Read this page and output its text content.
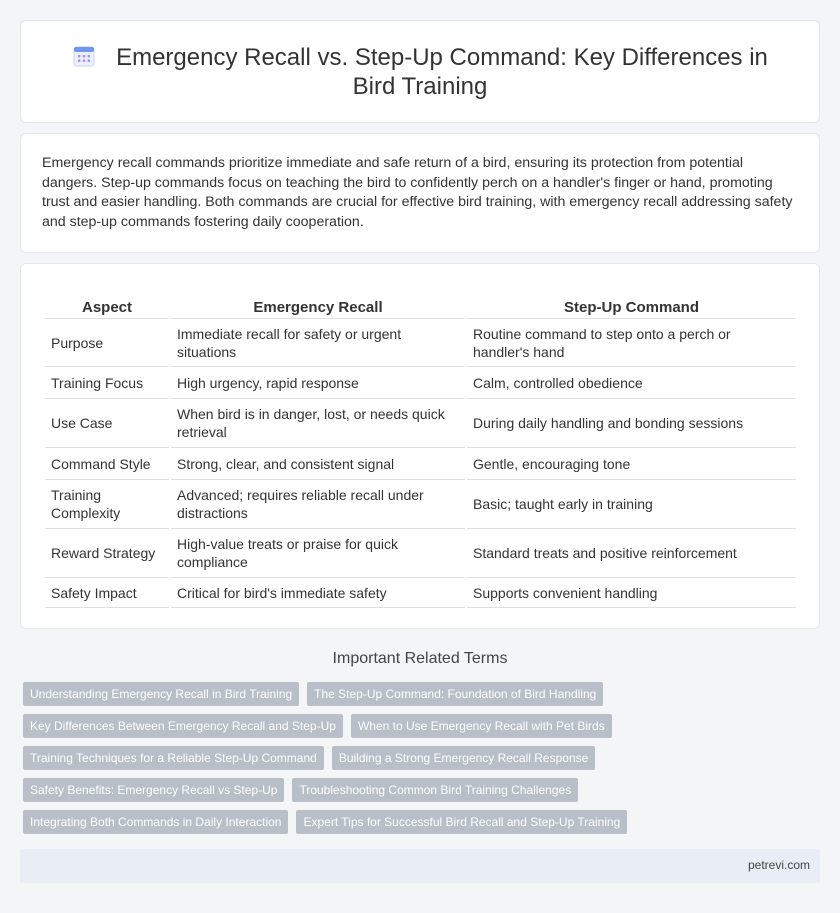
Emergency Recall vs. Step-Up Command: Key Differences in Bird Training

Emergency recall commands prioritize immediate and safe return of a bird, ensuring its protection from potential dangers. Step-up commands focus on teaching the bird to confidently perch on a handler's finger or hand, promoting trust and easier handling. Both commands are crucial for effective bird training, with emergency recall addressing safety and step-up commands fostering daily cooperation.

Aspect	Emergency Recall	Step-Up Command
Purpose	Immediate recall for safety or urgent situations	Routine command to step onto a perch or handler's hand
Training Focus	High urgency, rapid response	Calm, controlled obedience
Use Case	When bird is in danger, lost, or needs quick retrieval	During daily handling and bonding sessions
Command Style	Strong, clear, and consistent signal	Gentle, encouraging tone
Training Complexity	Advanced; requires reliable recall under distractions	Basic; taught early in training
Reward Strategy	High-value treats or praise for quick compliance	Standard treats and positive reinforcement
Safety Impact	Critical for bird's immediate safety	Supports convenient handling
Important Related Terms
Understanding Emergency Recall in Bird Training	The Step-Up Command: Foundation of Bird Handling
Key Differences Between Emergency Recall and Step-Up	When to Use Emergency Recall with Pet Birds
Training Techniques for a Reliable Step-Up Command	Building a Strong Emergency Recall Response
Safety Benefits: Emergency Recall vs Step-Up	Troubleshooting Common Bird Training Challenges
Integrating Both Commands in Daily Interaction	Expert Tips for Successful Bird Recall and Step-Up Training
petrevi.com
